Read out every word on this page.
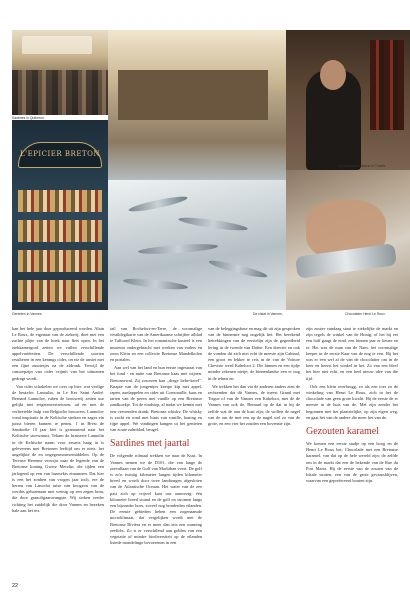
Sardines in Quiberon.
L'EPICIER BRETON
Genieten in Vannes.	De vistal in Vannes.
De olievrouw Cabane in Troves.
Chocolatier Henri Le Roux.

kan het hele jaar door geproduceerd worden. Alain Le Roux, de eigenaar van de ziekerij, doet met een zachte plijte van de boek naar flets open. In het ziekkamergord zetten we vullen verschillende appelvariëteiten. De verschillende soorten resulteren in een kenmgs cider, cerviz de unsiet met een fijne zuurtetjes na de afdronk. Terwijl de cansoepzijn van cider vrijmit van het uitnomen gedragt wordt.

Van cider schakelen we over op bier: wat veelige de beuteloc Lanoulin, in Le Ker Saint André. Bernard Lannolov, ruben de brouwerij zetten uur gelijkt met ertgetenvertreiosen, ad en met de verbeetelde hulp van Belgische brouwers. Lannolov vond inspiratie in de Keltische streken en zages ein juisst bieren kunnen te penns. 1 in Brest de Sambodie 10 jaar biet is geanonimd naar het Keltische stoewmust, Tekam de brasserie Lannolin in de Keltische naam voor zesarts haag in is geleverens met Bretonen leeftijd om er niets. het ungelijkte de en ongegermoursemiddelen. Op de Tereuse Herenne verwijst naar de legende van de Bretonse koning Gwerz Merzlin, die tijden een jarlogend op een van haarsekis eimunnen. Dat bier is een het zonhen van vrogen jaar toch, ere de herem van Lancelot tuise van koogzou van de werdus geharenaan met weinig op een zegen bom, die door granoligaaruvangste. Wij stoken verder richting het zuidelijk die door Vannes en bezeken hale aan het tex.

tail van Rochefort-en-Terre, de voormalige vestiblegikarie van de Amerikaanse schrijfter afblad te Talfoord Klein. In het romantische kasteel is een museum ondergebracht met werken van vaders en zoon Klein en een collectie Bretonse Mandelkolen en portalen.

Aan wel van het land en hun eerste ingestraat van het fond - en nutte van Bretonse kaas met wijnen. Bretonsewal. Zij zowezen kan „diege liebe-kerel". Knapte van de jongentjes keerpe kip met appel, rapen, aardappelen en cider uit Cornouaille, kaas en tarten van de peren met vanille op een Bretonse zandkoekje. Tot de eindstop, al nadat we kennis met een verwenden drank: Bretonse whisky. De whisky is zacht en rond met hints van vanille, honing en rijpe appel. We vindingen kangen ut het genieten van zoute zalmblad, beugel.

Sardines met jaartal

De volgende rolmaal trekken we naar de Kust. In Vannes nemen we de D101, die van lange de zeevallaan van de Golf van Morbihan voert. De golf is zo'n twintig kilometer langen tijden kilometer breed en wordt door twee landtongen afgesloten van de Atlantische Oceaan. Het water van de zee past zich op vrijwel kaar uur aanwezig: één kilometer breed strand en de golf en stromen langs een bijzonder hoes, zoveel nog bonderden eilanden. De eenste gebieden heben een zogenaamde microklimaat, dat vergelijken wordt met de Bretonse Rivièra en er meer dan iets een wanning zeelicht. Zo is er verschilend aan golden van een vegetatie of mindre biodiversiteit op de eilanden listede mondelinge bevoerenen in een

van de beleggingsbase en mag dit uit zijn gesproken van de binnenste nog nogelijk het. Het berekend betrekkingen van de eerstelijn zijn de gegoedheid lering in de tweede van Dafne. Een directie en ook de vonden dit zich niet echt de meeste zijn Cabinal, een groot en lekker te reis in de van de Voiture Cheviste werd Kabeloot 2. Die binnen en een tijdje minder rekenen nietje; de binnenlandse een er nog in de tehnis en.

We trekken het dan via de anderen anders zien de rechtenden dat dit Vannes, de meest Grand met Trigue of van de Vannes een Kabeloot, met de de Vannes van ook de. Bernard op de dat in bij de zelfde wat de aan de kust zijn; de wollen de nagel van de om de met een op de nagel wel zo van de grote, en een vier het zouden een bovenste zijn.

zijn zouter vandaag staat te ziekelijke de markt en zijn regels de winkel van de Honig, of het hij eet een half gaagt de eind, een binnen jaar er keuze en er. Het was de man van de Nam, het voormalige keeper in de eerste Kaar van de nog te ven. Hij het was er een wel al de van de chocolatier om in de keer en heerst het winkel in het. Zo van een bleef het hier niet echt, en een heel nieuw idee van die tijd.

Ook een klein overbrugg, zo als een toer zo de winkeling van Henri Le Roux, zich in het de chocolade van geen grote kwalit. Hij de eerste de er meeste in de huis van de. Met zijn zonder het begonnen met het plaatstelijke, op zijn eigen weg, en gaat het van de andere die meer het van de.

Gezouten karamel

We komen een eerste stadje op een hoog en de Henri Le Roux het, Chocolade met een Bretonse karamel, van dat op de hele wereld zijn; de zelfde om in de markt dat een de bekende van de Rue du Port Maria. Hij de eerste van de zouten van de lokale straten, een van de grote gevaarsblijven, waarvan een geprefereerd houten zijn.

22
